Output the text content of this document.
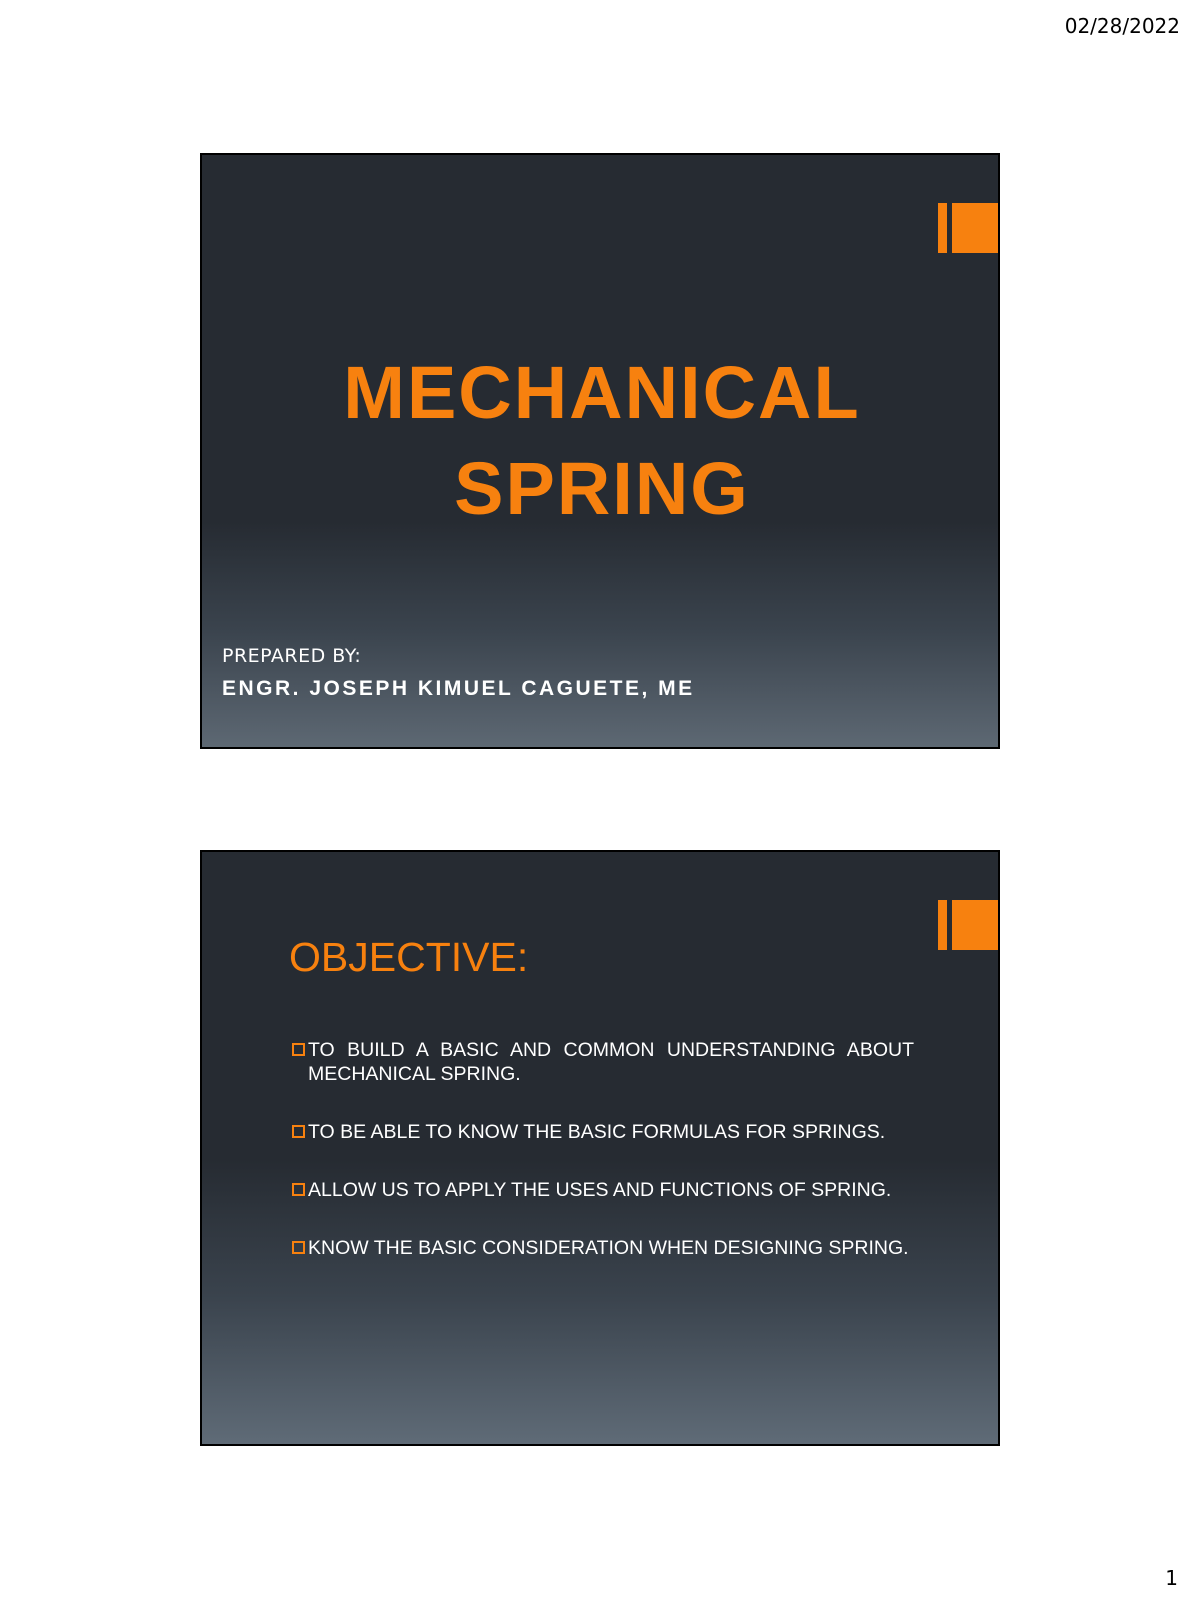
02/28/2022
MECHANICAL
SPRING
PREPARED BY:
ENGR. JOSEPH KIMUEL CAGUETE, ME
OBJECTIVE:
TO BUILD A BASIC AND COMMON UNDERSTANDING ABOUT MECHANICAL SPRING.
TO BE ABLE TO KNOW THE BASIC FORMULAS FOR SPRINGS.
ALLOW US TO APPLY THE USES AND FUNCTIONS OF SPRING.
KNOW THE BASIC CONSIDERATION WHEN DESIGNING SPRING.
1
